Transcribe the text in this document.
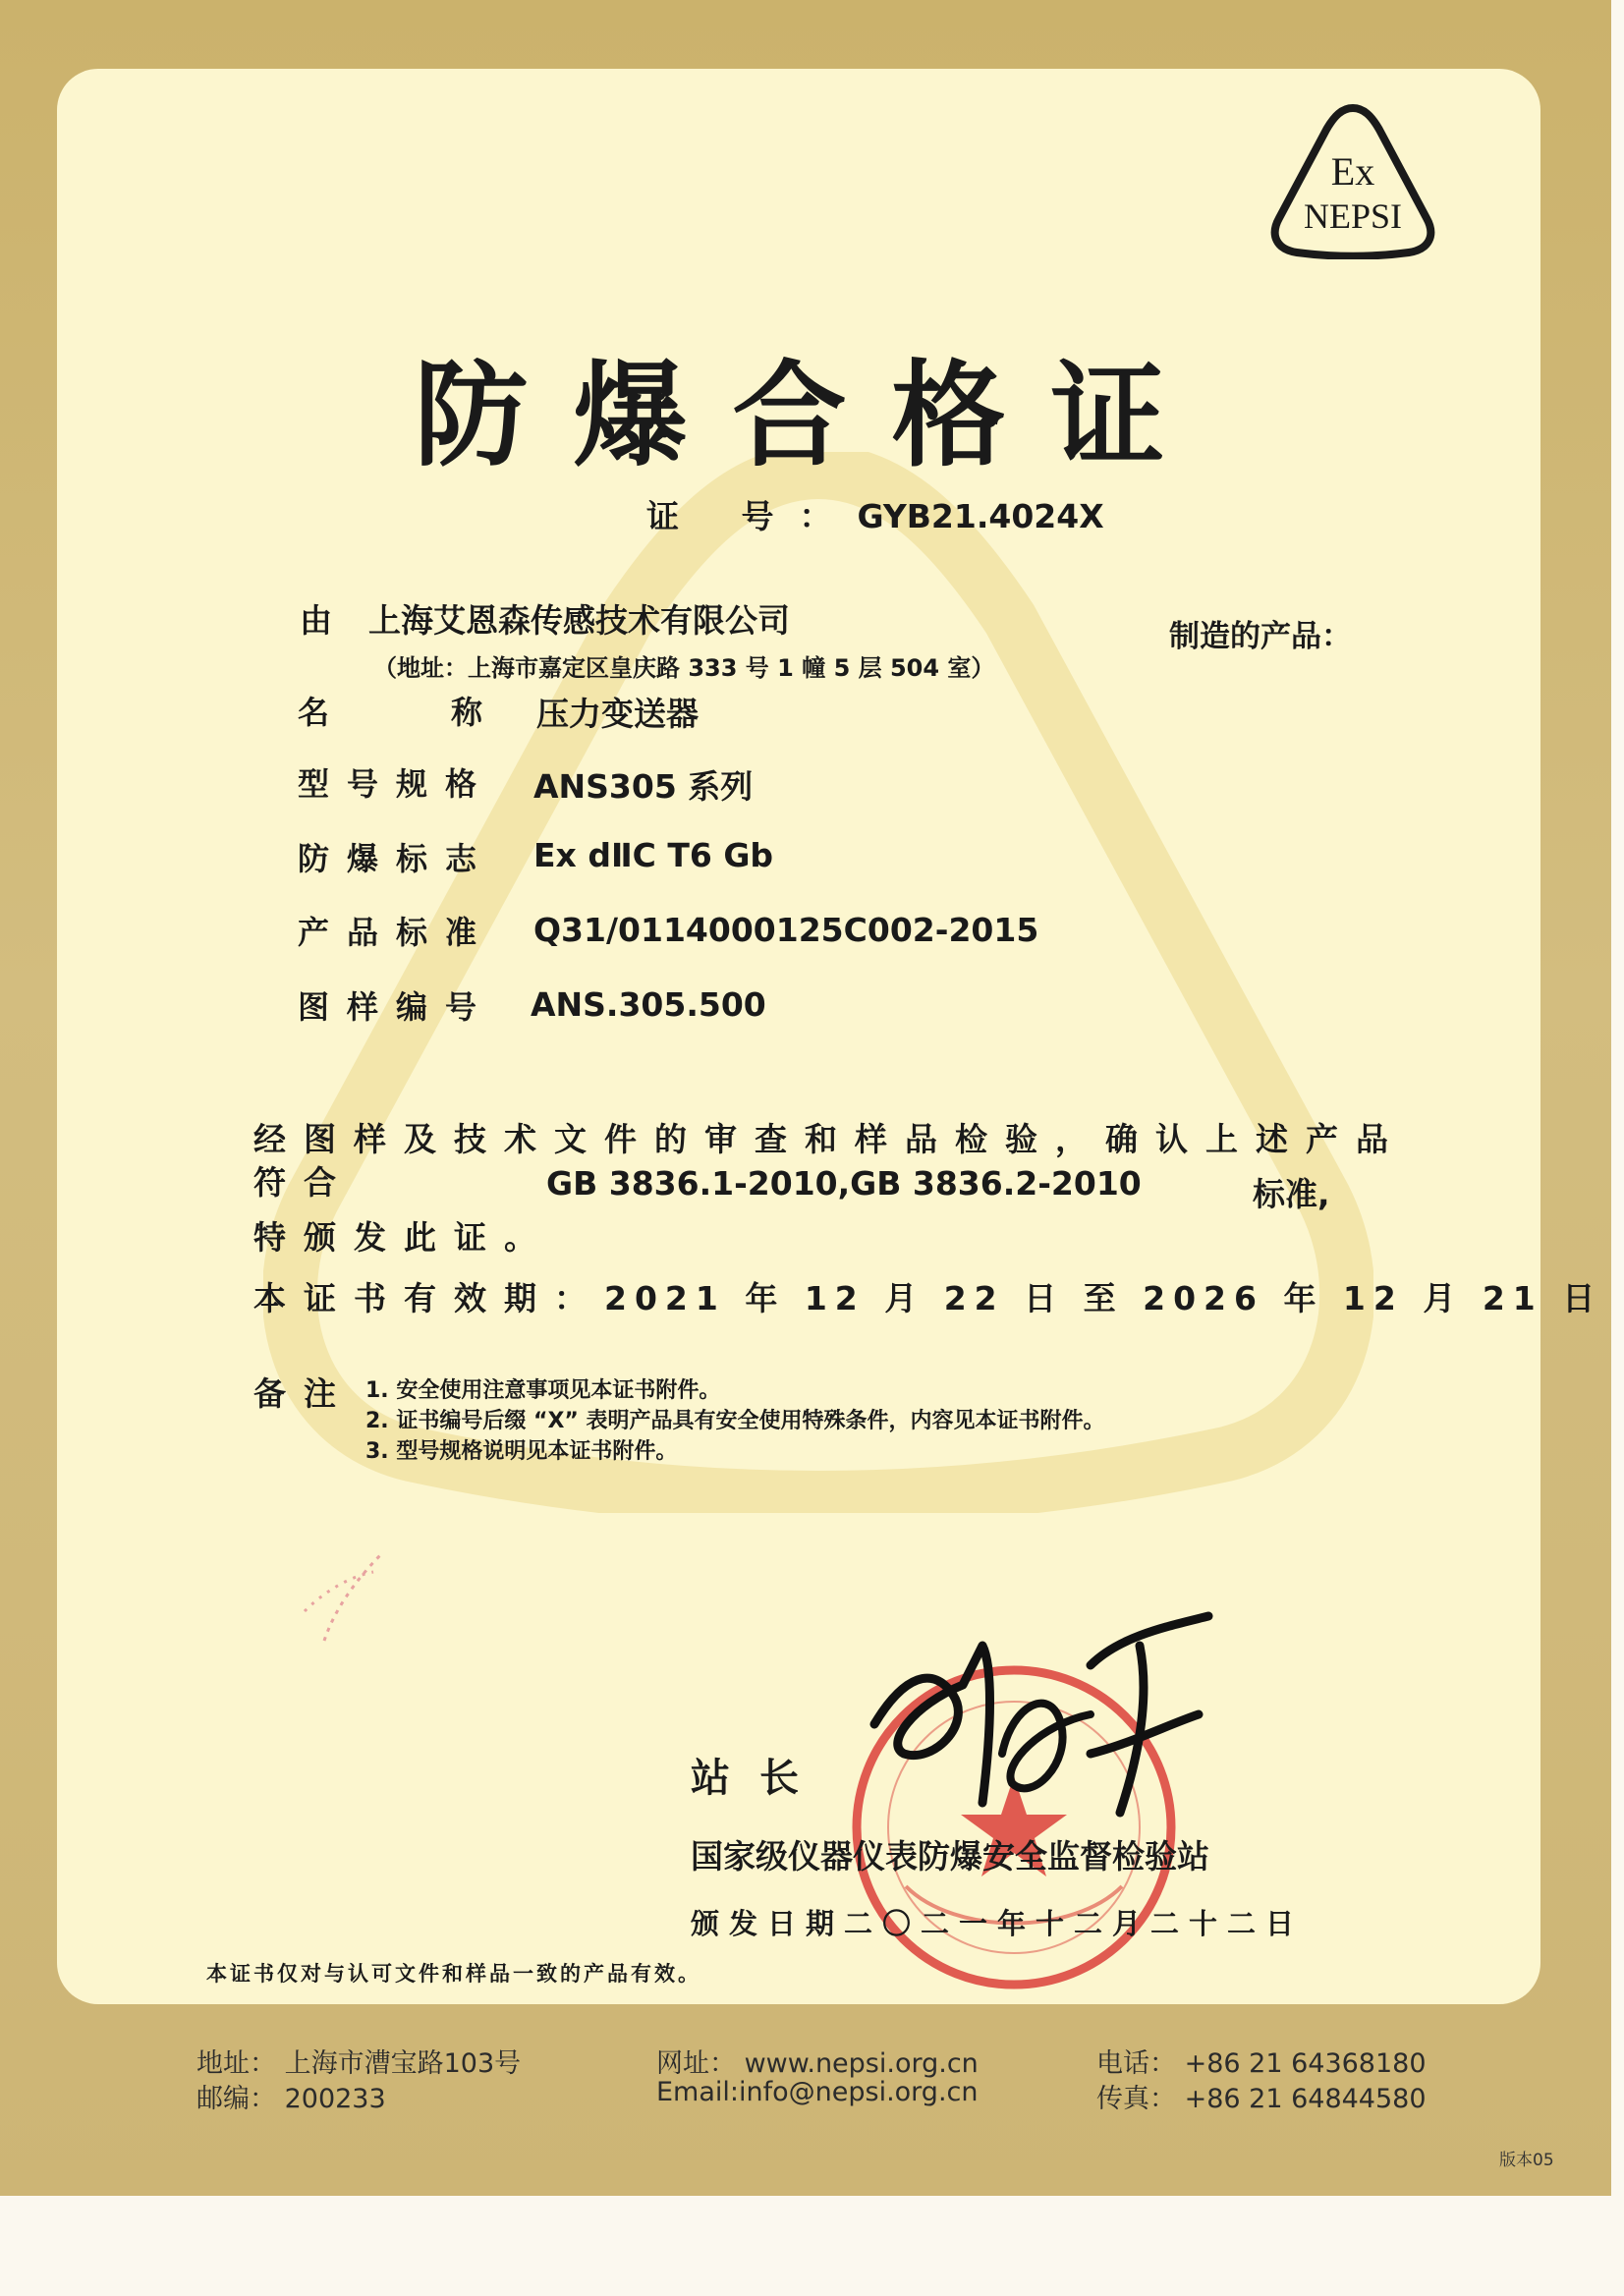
Ex
NEPSI
防爆合格证
证 号：GYB21.4024X
由 上海艾恩森传感技术有限公司
（地址：上海市嘉定区皇庆路 333 号 1 幢 5 层 504 室）
制造的产品：
名	称 压力变送器
型号规格 ANS305 系列
防爆标志 Ex dⅡC T6 Gb
产品标准 Q31/0114000125C002-2015
图样编号 ANS.305.500
经图样及技术文件的审查和样品检验，确认上述产品
符合	GB 3836.1-2010,GB 3836.2-2010	标准,
特颁发此证。
本证书有效期：2021 年 12 月 22 日 至 2026 年 12 月 21 日
备注 1. 安全使用注意事项见本证书附件。
2. 证书编号后缀 “X” 表明产品具有安全使用特殊条件，内容见本证书附件。
3. 型号规格说明见本证书附件。
站长
国家级仪器仪表防爆安全监督检验站
颁发日期二〇二一年十二月二十二日
本证书仅对与认可文件和样品一致的产品有效。
地址： 上海市漕宝路103号
邮编： 200233
网址： www.nepsi.org.cn
Email:info@nepsi.org.cn
电话： +86 21 64368180
传真： +86 21 64844580
版本05
